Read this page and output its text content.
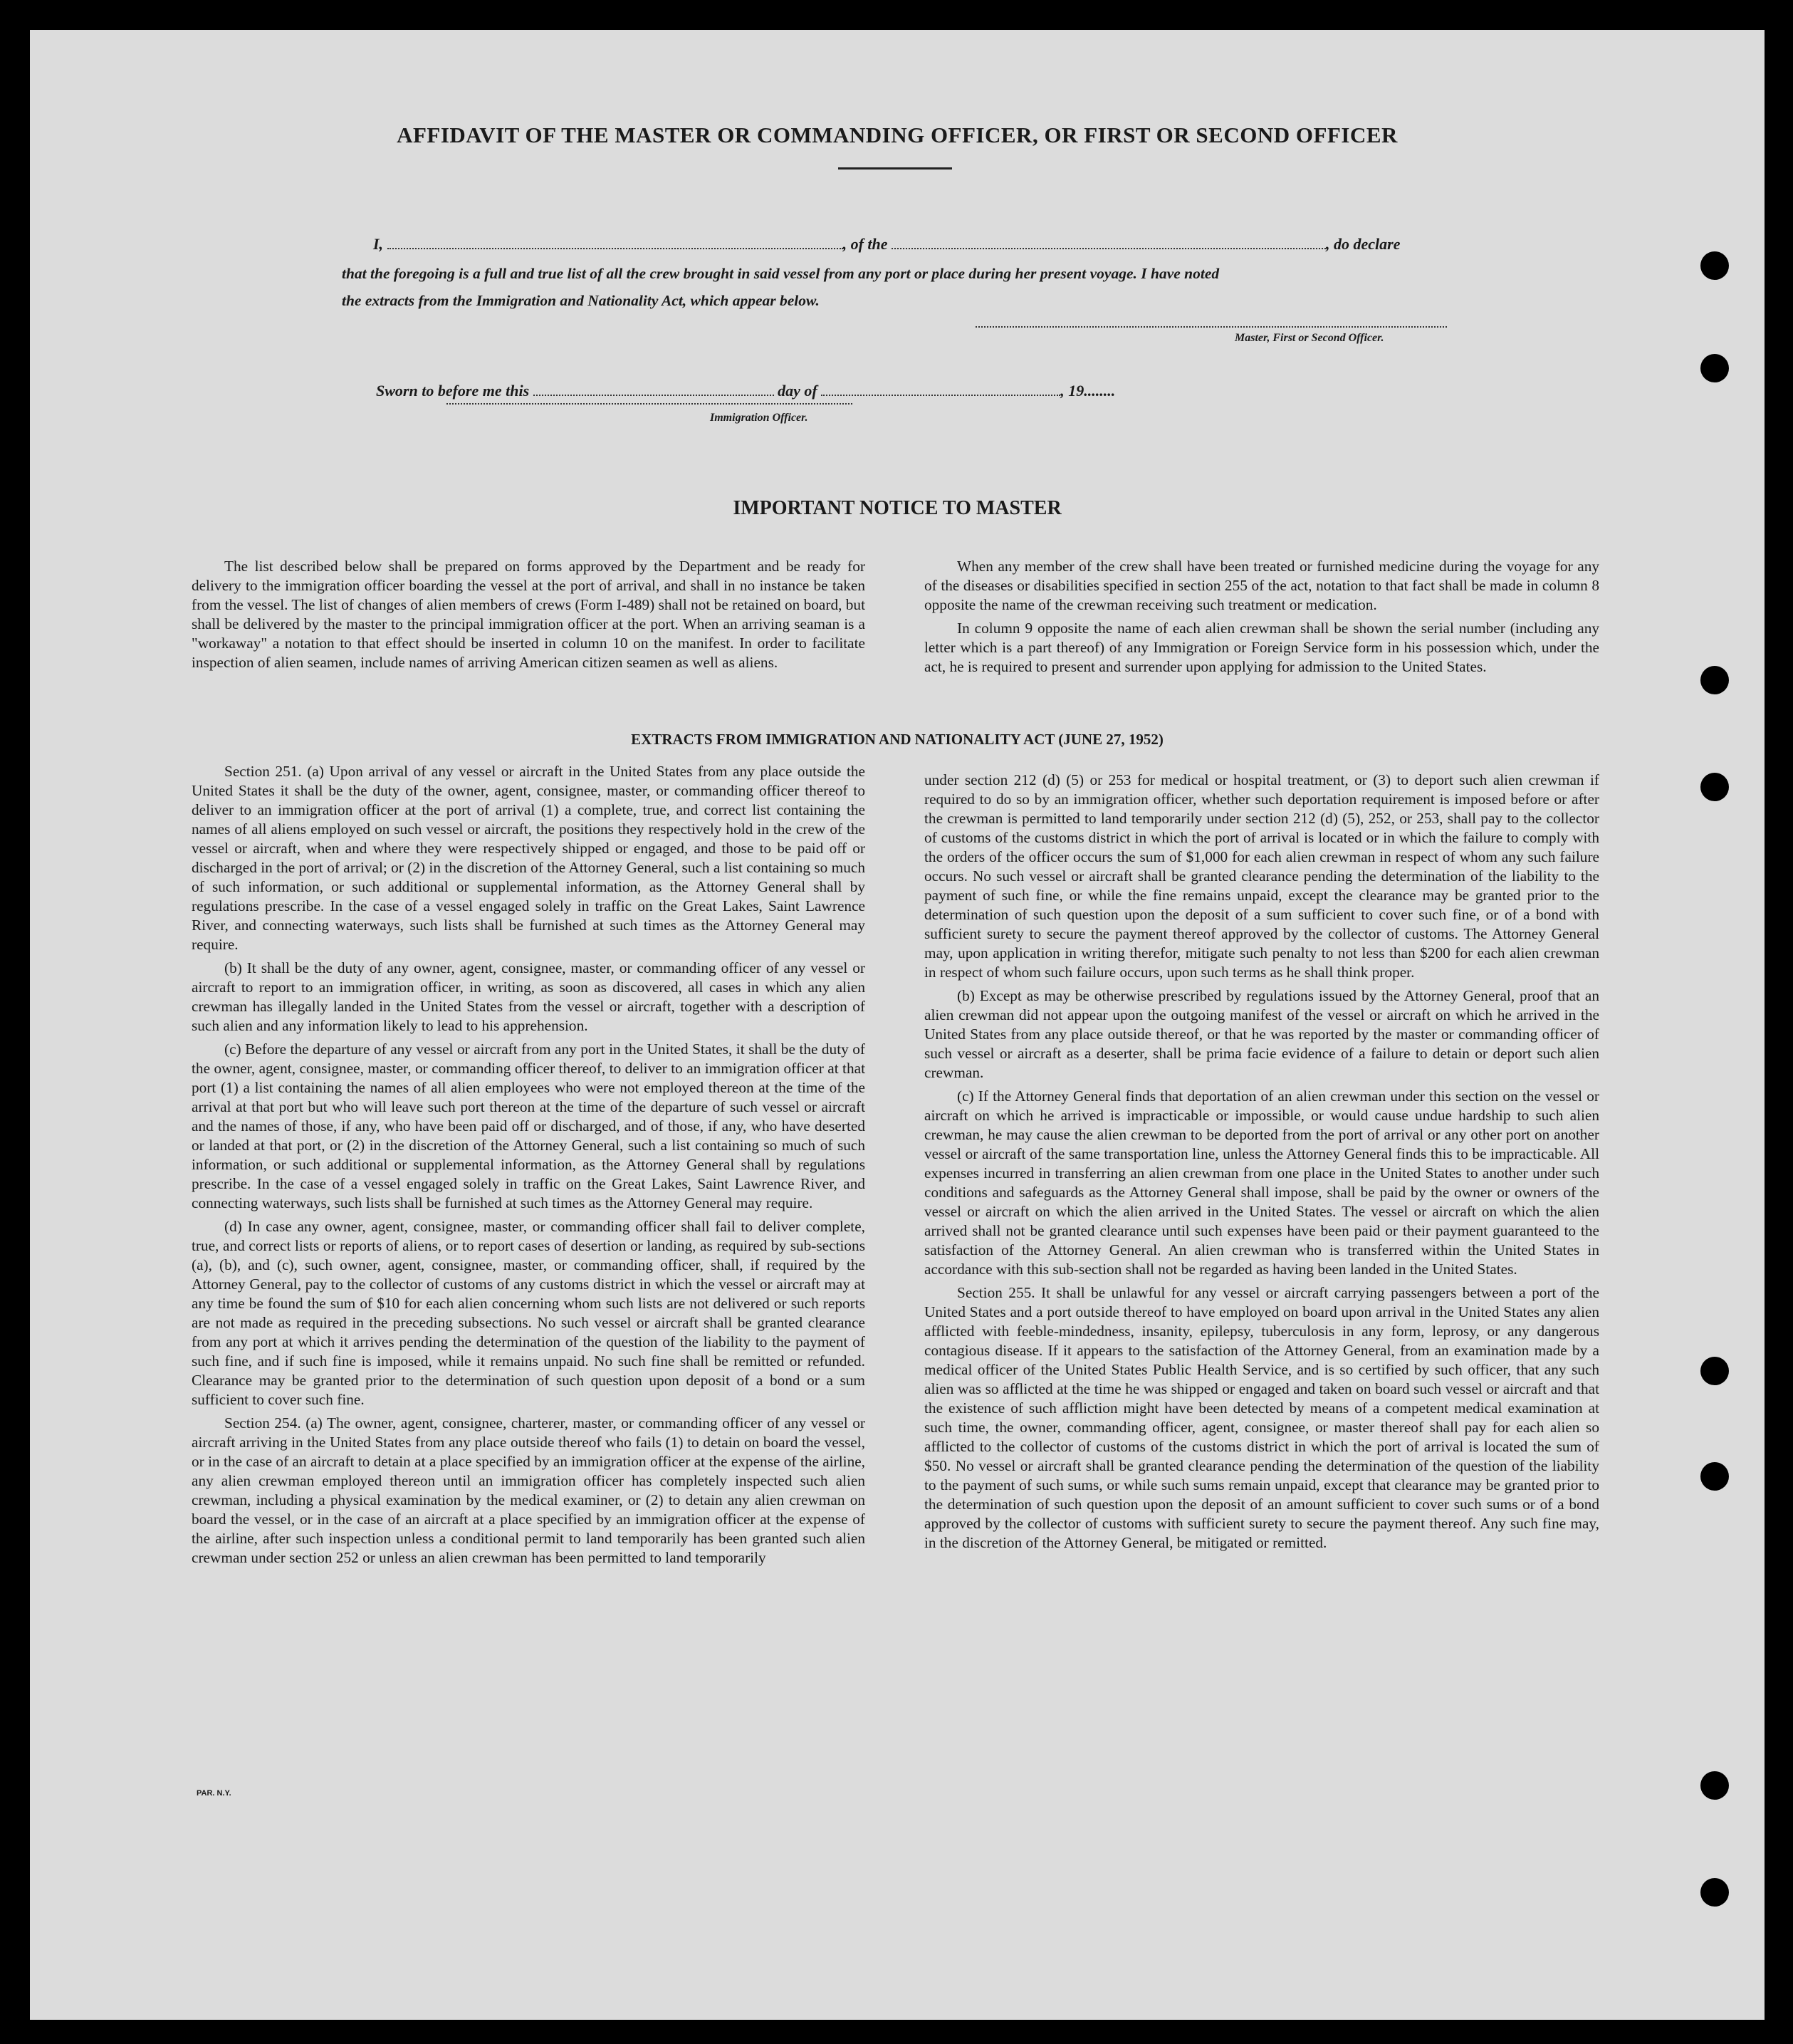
AFFIDAVIT OF THE MASTER OR COMMANDING OFFICER, OR FIRST OR SECOND OFFICER
I,	, of the	, do declare
that the foregoing is a full and true list of all the crew brought in said vessel from any port or place during her present voyage. I have noted
the extracts from the Immigration and Nationality Act, which appear below.
Master, First or Second Officer.
Sworn to before me this	day of	, 19........
Immigration Officer.
IMPORTANT NOTICE TO MASTER

The list described below shall be prepared on forms approved by the Department and be ready for delivery to the immigration officer boarding the vessel at the port of arrival, and shall in no instance be taken from the vessel. The list of changes of alien members of crews (Form I-489) shall not be retained on board, but shall be delivered by the master to the principal immigration officer at the port. When an arriving seaman is a "workaway" a notation to that effect should be inserted in column 10 on the manifest. In order to facilitate inspection of alien seamen, include names of arriving American citizen seamen as well as aliens.

When any member of the crew shall have been treated or furnished medicine during the voyage for any of the diseases or disabilities specified in section 255 of the act, notation to that fact shall be made in column 8 opposite the name of the crewman receiving such treatment or medication.

In column 9 opposite the name of each alien crewman shall be shown the serial number (including any letter which is a part thereof) of any Immigration or Foreign Service form in his possession which, under the act, he is required to present and surrender upon applying for admission to the United States.

EXTRACTS FROM IMMIGRATION AND NATIONALITY ACT (JUNE 27, 1952)

Section 251. (a) Upon arrival of any vessel or aircraft in the United States from any place outside the United States it shall be the duty of the owner, agent, consignee, master, or commanding officer thereof to deliver to an immigration officer at the port of arrival (1) a complete, true, and correct list containing the names of all aliens employed on such vessel or aircraft, the positions they respectively hold in the crew of the vessel or aircraft, when and where they were respectively shipped or engaged, and those to be paid off or discharged in the port of arrival; or (2) in the discretion of the Attorney General, such a list containing so much of such information, or such additional or supplemental information, as the Attorney General shall by regulations prescribe. In the case of a vessel engaged solely in traffic on the Great Lakes, Saint Lawrence River, and connecting waterways, such lists shall be furnished at such times as the Attorney General may require.

(b) It shall be the duty of any owner, agent, consignee, master, or commanding officer of any vessel or aircraft to report to an immigration officer, in writing, as soon as discovered, all cases in which any alien crewman has illegally landed in the United States from the vessel or aircraft, together with a description of such alien and any information likely to lead to his apprehension.

(c) Before the departure of any vessel or aircraft from any port in the United States, it shall be the duty of the owner, agent, consignee, master, or commanding officer thereof, to deliver to an immigration officer at that port (1) a list containing the names of all alien employees who were not employed thereon at the time of the arrival at that port but who will leave such port thereon at the time of the departure of such vessel or aircraft and the names of those, if any, who have been paid off or discharged, and of those, if any, who have deserted or landed at that port, or (2) in the discretion of the Attorney General, such a list containing so much of such information, or such additional or supplemental information, as the Attorney General shall by regulations prescribe. In the case of a vessel engaged solely in traffic on the Great Lakes, Saint Lawrence River, and connecting waterways, such lists shall be furnished at such times as the Attorney General may require.

(d) In case any owner, agent, consignee, master, or commanding officer shall fail to deliver complete, true, and correct lists or reports of aliens, or to report cases of desertion or landing, as required by sub-sections (a), (b), and (c), such owner, agent, consignee, master, or commanding officer, shall, if required by the Attorney General, pay to the collector of customs of any customs district in which the vessel or aircraft may at any time be found the sum of $10 for each alien concerning whom such lists are not delivered or such reports are not made as required in the preceding subsections. No such vessel or aircraft shall be granted clearance from any port at which it arrives pending the determination of the question of the liability to the payment of such fine, and if such fine is imposed, while it remains unpaid. No such fine shall be remitted or refunded. Clearance may be granted prior to the determination of such question upon deposit of a bond or a sum sufficient to cover such fine.

Section 254. (a) The owner, agent, consignee, charterer, master, or commanding officer of any vessel or aircraft arriving in the United States from any place outside thereof who fails (1) to detain on board the vessel, or in the case of an aircraft to detain at a place specified by an immigration officer at the expense of the airline, any alien crewman employed thereon until an immigration officer has completely inspected such alien crewman, including a physical examination by the medical examiner, or (2) to detain any alien crewman on board the vessel, or in the case of an aircraft at a place specified by an immigration officer at the expense of the airline, after such inspection unless a conditional permit to land temporarily has been granted such alien crewman under section 252 or unless an alien crewman has been permitted to land temporarily

under section 212 (d) (5) or 253 for medical or hospital treatment, or (3) to deport such alien crewman if required to do so by an immigration officer, whether such deportation requirement is imposed before or after the crewman is permitted to land temporarily under section 212 (d) (5), 252, or 253, shall pay to the collector of customs of the customs district in which the port of arrival is located or in which the failure to comply with the orders of the officer occurs the sum of $1,000 for each alien crewman in respect of whom any such failure occurs. No such vessel or aircraft shall be granted clearance pending the determination of the liability to the payment of such fine, or while the fine remains unpaid, except the clearance may be granted prior to the determination of such question upon the deposit of a sum sufficient to cover such fine, or of a bond with sufficient surety to secure the payment thereof approved by the collector of customs. The Attorney General may, upon application in writing therefor, mitigate such penalty to not less than $200 for each alien crewman in respect of whom such failure occurs, upon such terms as he shall think proper.

(b) Except as may be otherwise prescribed by regulations issued by the Attorney General, proof that an alien crewman did not appear upon the outgoing manifest of the vessel or aircraft on which he arrived in the United States from any place outside thereof, or that he was reported by the master or commanding officer of such vessel or aircraft as a deserter, shall be prima facie evidence of a failure to detain or deport such alien crewman.

(c) If the Attorney General finds that deportation of an alien crewman under this section on the vessel or aircraft on which he arrived is impracticable or impossible, or would cause undue hardship to such alien crewman, he may cause the alien crewman to be deported from the port of arrival or any other port on another vessel or aircraft of the same transportation line, unless the Attorney General finds this to be impracticable. All expenses incurred in transferring an alien crewman from one place in the United States to another under such conditions and safeguards as the Attorney General shall impose, shall be paid by the owner or owners of the vessel or aircraft on which the alien arrived in the United States. The vessel or aircraft on which the alien arrived shall not be granted clearance until such expenses have been paid or their payment guaranteed to the satisfaction of the Attorney General. An alien crewman who is transferred within the United States in accordance with this sub-section shall not be regarded as having been landed in the United States.

Section 255. It shall be unlawful for any vessel or aircraft carrying passengers between a port of the United States and a port outside thereof to have employed on board upon arrival in the United States any alien afflicted with feeble-mindedness, insanity, epilepsy, tuberculosis in any form, leprosy, or any dangerous contagious disease. If it appears to the satisfaction of the Attorney General, from an examination made by a medical officer of the United States Public Health Service, and is so certified by such officer, that any such alien was so afflicted at the time he was shipped or engaged and taken on board such vessel or aircraft and that the existence of such affliction might have been detected by means of a competent medical examination at such time, the owner, commanding officer, agent, consignee, or master thereof shall pay for each alien so afflicted to the collector of customs of the customs district in which the port of arrival is located the sum of $50. No vessel or aircraft shall be granted clearance pending the determination of the question of the liability to the payment of such sums, or while such sums remain unpaid, except that clearance may be granted prior to the determination of such question upon the deposit of an amount sufficient to cover such sums or of a bond approved by the collector of customs with sufficient surety to secure the payment thereof. Any such fine may, in the discretion of the Attorney General, be mitigated or remitted.

PAR. N.Y.
